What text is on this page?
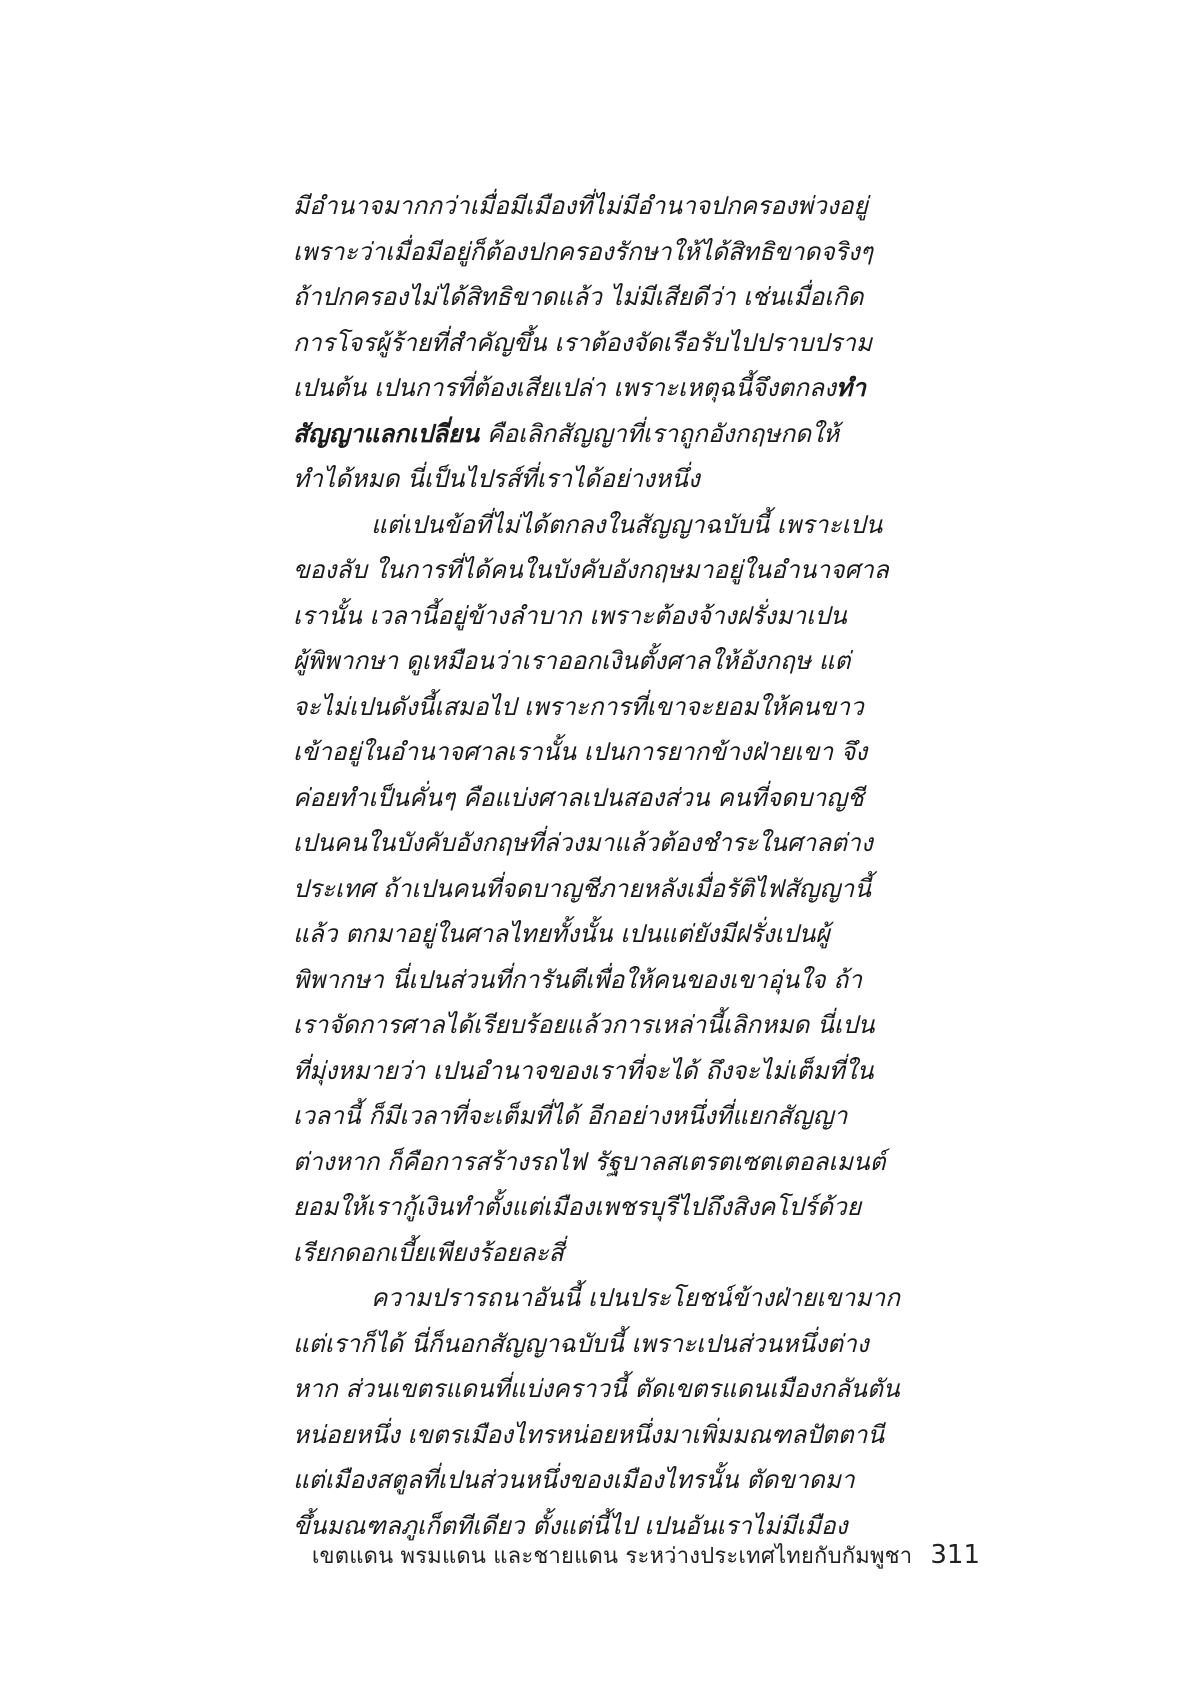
มีอำนาจมากกว่าเมื่อมีเมืองที่ไม่มีอำนาจปกครองพ่วงอยู่
เพราะว่าเมื่อมีอยู่ก็ต้องปกครองรักษาให้ได้สิทธิขาดจริงๆ
ถ้าปกครองไม่ได้สิทธิขาดแล้ว ไม่มีเสียดีว่า เช่นเมื่อเกิด
การโจรผู้ร้ายที่สำคัญขึ้น เราต้องจัดเรือรับไปปราบปราม
เปนต้น เปนการที่ต้องเสียเปล่า เพราะเหตุฉนี้จึงตกลงทำ
สัญญาแลกเปลี่ยน คือเลิกสัญญาที่เราถูกอังกฤษกดให้
ทำได้หมด นี่เป็นไปรส์ที่เราได้อย่างหนึ่ง
แต่เปนข้อที่ไม่ได้ตกลงในสัญญาฉบับนี้ เพราะเปน
ของลับ ในการที่ได้คนในบังคับอังกฤษมาอยู่ในอำนาจศาล
เรานั้น เวลานี้อยู่ข้างลำบาก เพราะต้องจ้างฝรั่งมาเปน
ผู้พิพากษา ดูเหมือนว่าเราออกเงินตั้งศาลให้อังกฤษ แต่
จะไม่เปนดังนี้เสมอไป เพราะการที่เขาจะยอมให้คนขาว
เข้าอยู่ในอำนาจศาลเรานั้น เปนการยากข้างฝ่ายเขา จึง
ค่อยทำเป็นคั่นๆ คือแบ่งศาลเปนสองส่วน คนที่จดบาญชี
เปนคนในบังคับอังกฤษที่ล่วงมาแล้วต้องชำระในศาลต่าง
ประเทศ ถ้าเปนคนที่จดบาญชีภายหลังเมื่อรัติไฟสัญญานี้
แล้ว ตกมาอยู่ในศาลไทยทั้งนั้น เปนแต่ยังมีฝรั่งเปนผู้
พิพากษา นี่เปนส่วนที่การันตีเพื่อให้คนของเขาอุ่นใจ ถ้า
เราจัดการศาลได้เรียบร้อยแล้วการเหล่านี้เลิกหมด นี่เปน
ที่มุ่งหมายว่า เปนอำนาจของเราที่จะได้ ถึงจะไม่เต็มที่ใน
เวลานี้ ก็มีเวลาที่จะเต็มที่ได้ อีกอย่างหนึ่งที่แยกสัญญา
ต่างหาก ก็คือการสร้างรถไฟ รัฐบาลสเตรตเซตเตอลเมนต์
ยอมให้เรากู้เงินทำตั้งแต่เมืองเพชรบุรีไปถึงสิงคโปร์ด้วย
เรียกดอกเบี้ยเพียงร้อยละสี่
ความปรารถนาอันนี้ เปนประโยชน์ข้างฝ่ายเขามาก
แต่เราก็ได้ นี่ก็นอกสัญญาฉบับนี้ เพราะเปนส่วนหนึ่งต่าง
หาก ส่วนเขตรแดนที่แบ่งคราวนี้ ตัดเขตรแดนเมืองกลันตัน
หน่อยหนึ่ง เขตรเมืองไทรหน่อยหนึ่งมาเพิ่มมณฑลปัตตานี
แต่เมืองสตูลที่เปนส่วนหนึ่งของเมืองไทรนั้น ตัดขาดมา
ขึ้นมณฑลภูเก็ตทีเดียว ตั้งแต่นี้ไป เปนอันเราไม่มีเมือง
เขตแดน พรมแดน และชายแดน ระหว่างประเทศไทยกับกัมพูชา 311
